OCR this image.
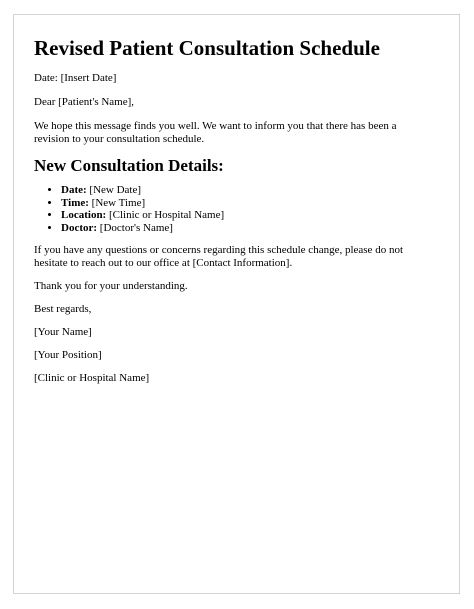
Revised Patient Consultation Schedule

Date: [Insert Date]

Dear [Patient's Name],

We hope this message finds you well. We want to inform you that there has been a revision to your consultation schedule.

New Consultation Details:
• Date: [New Date]
• Time: [New Time]
• Location: [Clinic or Hospital Name]
• Doctor: [Doctor's Name]

If you have any questions or concerns regarding this schedule change, please do not hesitate to reach out to our office at [Contact Information].

Thank you for your understanding.

Best regards,

[Your Name]

[Your Position]

[Clinic or Hospital Name]
